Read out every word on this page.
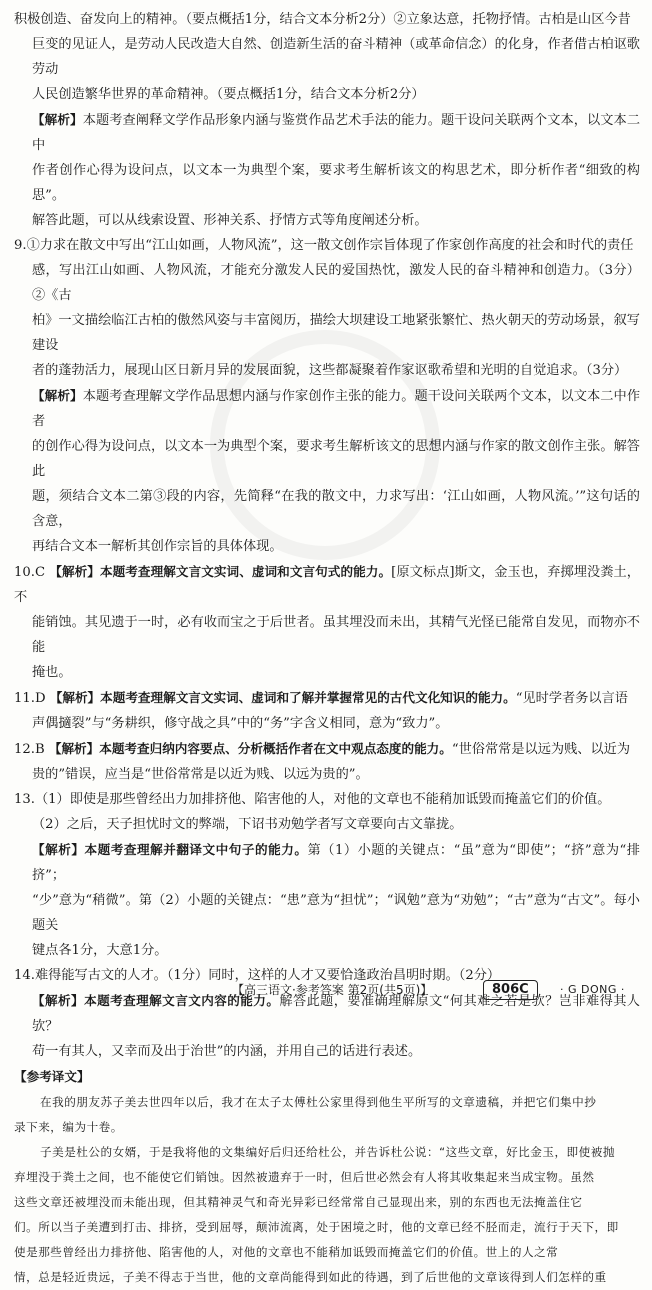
积极创造、奋发向上的精神。（要点概括1分，结合文本分析2分）②立象达意，托物抒情。古柏是山区今昔

巨变的见证人，是劳动人民改造大自然、创造新生活的奋斗精神（或革命信念）的化身，作者借古柏讴歌劳动

人民创造繁华世界的革命精神。（要点概括1分，结合文本分析2分）

【解析】本题考查阐释文学作品形象内涵与鉴赏作品艺术手法的能力。题干设问关联两个文本，以文本二中

作者创作心得为设问点，以文本一为典型个案，要求考生解析该文的构思艺术，即分析作者“细致的构思”。

解答此题，可以从线索设置、形神关系、抒情方式等角度阐述分析。

9.①力求在散文中写出“江山如画，人物风流”，这一散文创作宗旨体现了作家创作高度的社会和时代的责任

感，写出江山如画、人物风流，才能充分激发人民的爱国热忱，激发人民的奋斗精神和创造力。（3分）②《古

柏》一文描绘临江古柏的傲然风姿与丰富阅历，描绘大坝建设工地紧张繁忙、热火朝天的劳动场景，叙写建设

者的蓬勃活力，展现山区日新月异的发展面貌，这些都凝聚着作家讴歌希望和光明的自觉追求。（3分）

【解析】本题考查理解文学作品思想内涵与作家创作主张的能力。题干设问关联两个文本，以文本二中作者

的创作心得为设问点，以文本一为典型个案，要求考生解析该文的思想内涵与作家的散文创作主张。解答此

题，须结合文本二第③段的内容，先简释“在我的散文中，力求写出：‘江山如画，人物风流。’”这句话的含意，

再结合文本一解析其创作宗旨的具体体现。

10.C 【解析】本题考查理解文言文实词、虚词和文言句式的能力。[原文标点]斯文，金玉也，弃掷埋没粪土，不

能销蚀。其见遗于一时，必有收而宝之于后世者。虽其埋没而未出，其精气光怪已能常自发见，而物亦不能

掩也。

11.D 【解析】本题考查理解文言文实词、虚词和了解并掌握常见的古代文化知识的能力。“见时学者务以言语

声偶擿裂”与“务耕织，修守战之具”中的“务”字含义相同，意为“致力”。

12.B 【解析】本题考查归纳内容要点、分析概括作者在文中观点态度的能力。“世俗常常是以远为贱、以近为

贵的”错误，应当是“世俗常常是以近为贱、以远为贵的”。

13.（1）即使是那些曾经出力加排挤他、陷害他的人，对他的文章也不能稍加诋毁而掩盖它们的价值。

（2）之后，天子担忧时文的弊端，下诏书劝勉学者写文章要向古文靠拢。

【解析】本题考查理解并翻译文中句子的能力。第（1）小题的关键点：“虽”意为“即使”；“挤”意为“排挤”；

“少”意为“稍微”。第（2）小题的关键点：“患”意为“担忧”；“讽勉”意为“劝勉”；“古”意为“古文”。每小题关

键点各1分，大意1分。

14.难得能写古文的人才。（1分）同时，这样的人才又要恰逢政治昌明时期。（2分）

【解析】本题考查理解文言文内容的能力。解答此题，要准确理解原文“何其难之若是欤？岂非难得其人欤？

苟一有其人，又幸而及出于治世”的内涵，并用自己的话进行表述。

【参考译文】

在我的朋友苏子美去世四年以后，我才在太子太傅杜公家里得到他生平所写的文章遗稿，并把它们集中抄

录下来，编为十卷。

子美是杜公的女婿，于是我将他的文集编好后归还给杜公，并告诉杜公说：“这些文章，好比金玉，即使被抛

弃埋没于粪土之间，也不能使它们销蚀。因然被遗弃于一时，但后世必然会有人将其收集起来当成宝物。虽然

这些文章还被埋没而未能出现，但其精神灵气和奇光异彩已经常常自己显现出来，别的东西也无法掩盖住它

们。所以当子美遭到打击、排挤，受到屈辱，颠沛流离，处于困境之时，他的文章已经不胫而走，流行于天下，即

使是那些曾经出力排挤他、陷害他的人，对他的文章也不能稍加诋毁而掩盖它们的价值。世上的人之常

情，总是轻近贵远，子美不得志于当世，他的文章尚能得到如此的待遇，到了后世他的文章该得到人们怎样的重

【高三语文·参考答案 第2页(共5页)】	806C	· G DONG ·
